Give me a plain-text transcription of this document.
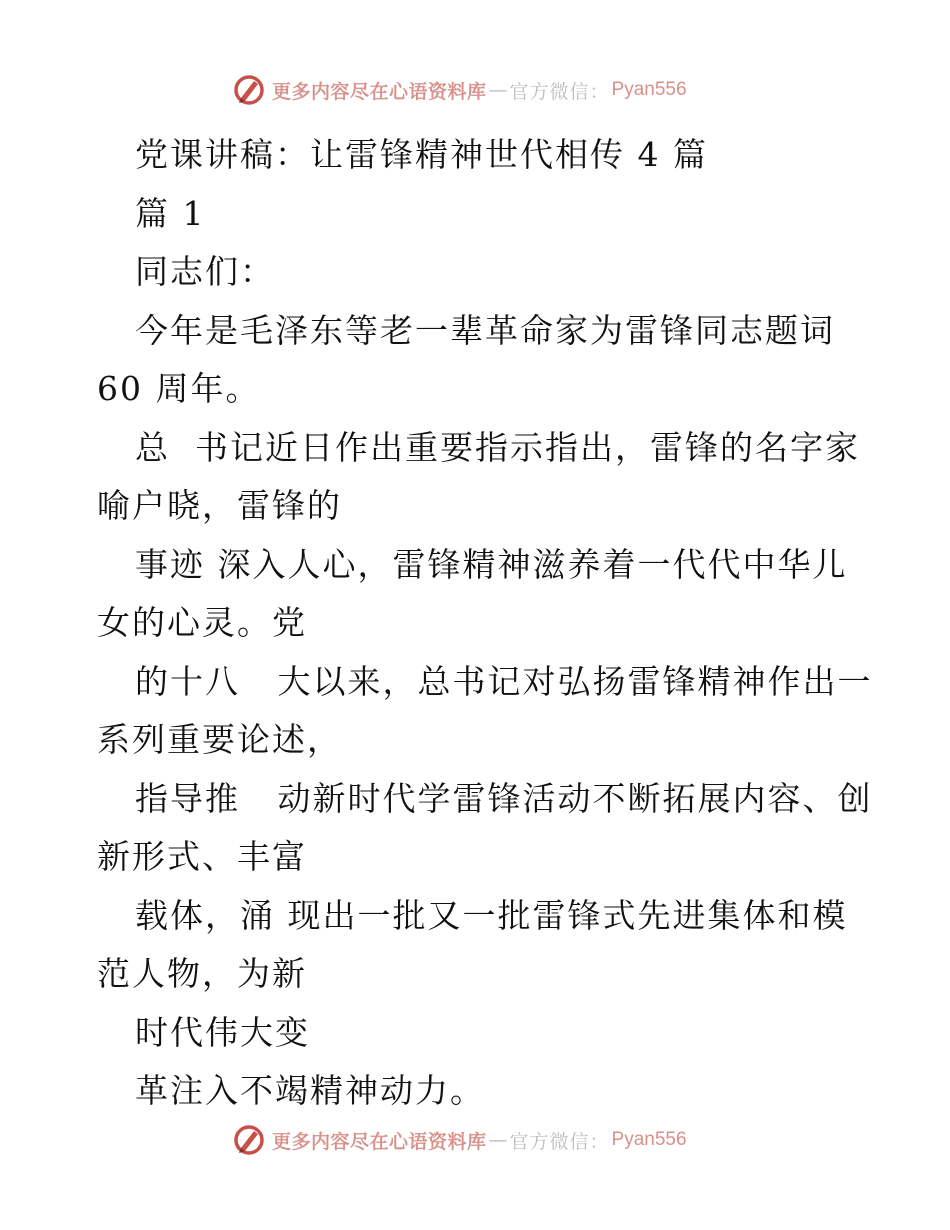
更多内容尽在心语资料库 — 官方微信： Pyan556
党课讲稿：让雷锋精神世代相传 4 篇
篇 1
同志们：
今年是毛泽东等老一辈革命家为雷锋同志题词
60 周年。
总  书记近日作出重要指示指出，雷锋的名字家
喻户晓，雷锋的
事迹 深入人心，雷锋精神滋养着一代代中华儿
女的心灵。党
的十八   大以来，总书记对弘扬雷锋精神作出一
系列重要论述，
指导推   动新时代学雷锋活动不断拓展内容、创
新形式、丰富
载体，涌 现出一批又一批雷锋式先进集体和模
范人物，为新
时代伟大变
革注入不竭精神动力。
更多内容尽在心语资料库 — 官方微信： Pyan556
